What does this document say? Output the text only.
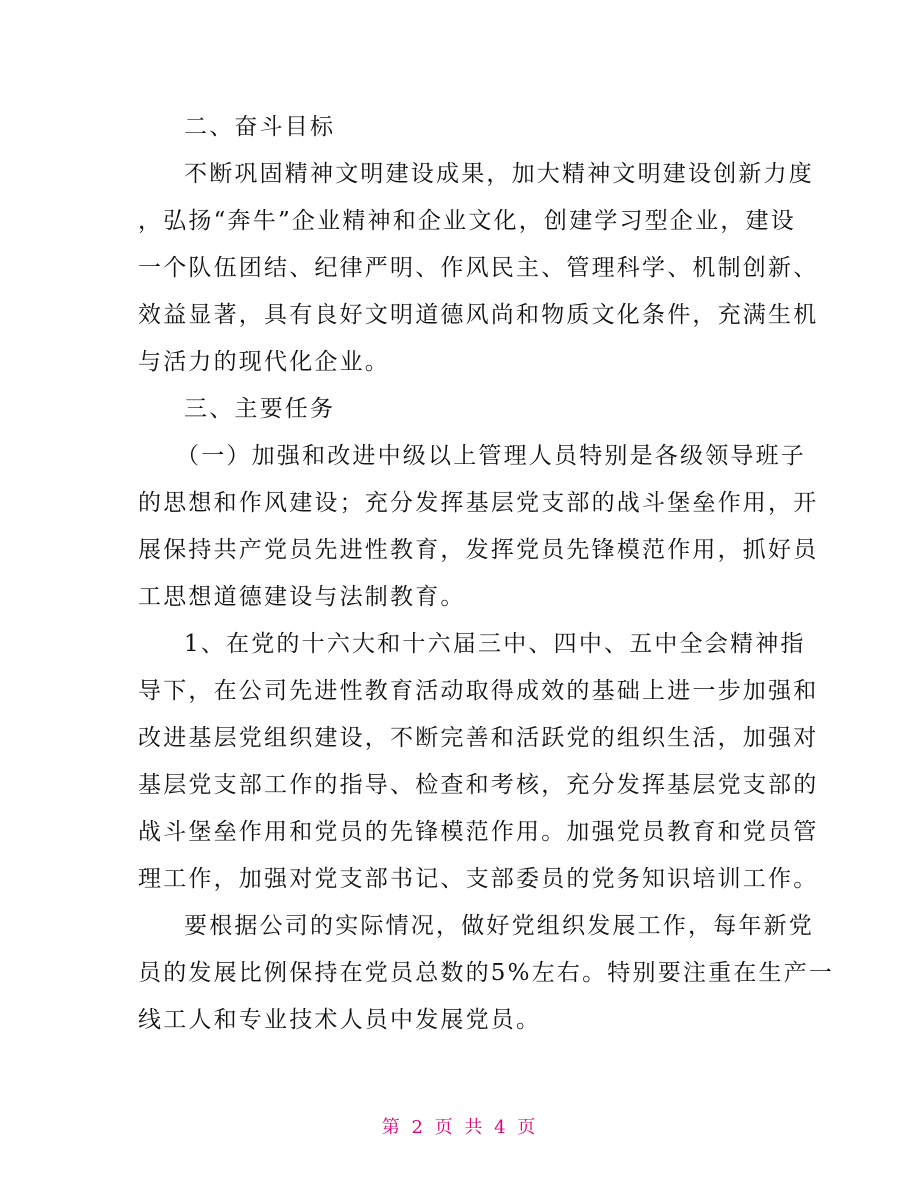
二、奋斗目标
不断巩固精神文明建设成果，加大精神文明建设创新力度
，弘扬“奔牛”企业精神和企业文化，创建学习型企业，建设
一个队伍团结、纪律严明、作风民主、管理科学、机制创新、
效益显著，具有良好文明道德风尚和物质文化条件，充满生机
与活力的现代化企业。
三、主要任务
（一）加强和改进中级以上管理人员特别是各级领导班子
的思想和作风建设；充分发挥基层党支部的战斗堡垒作用，开
展保持共产党员先进性教育，发挥党员先锋模范作用，抓好员
工思想道德建设与法制教育。
1、在党的十六大和十六届三中、四中、五中全会精神指
导下，在公司先进性教育活动取得成效的基础上进一步加强和
改进基层党组织建设，不断完善和活跃党的组织生活，加强对
基层党支部工作的指导、检查和考核，充分发挥基层党支部的
战斗堡垒作用和党员的先锋模范作用。加强党员教育和党员管
理工作，加强对党支部书记、支部委员的党务知识培训工作。
要根据公司的实际情况，做好党组织发展工作，每年新党
员的发展比例保持在党员总数的5%左右。特别要注重在生产一
线工人和专业技术人员中发展党员。
第 2 页 共 4 页
